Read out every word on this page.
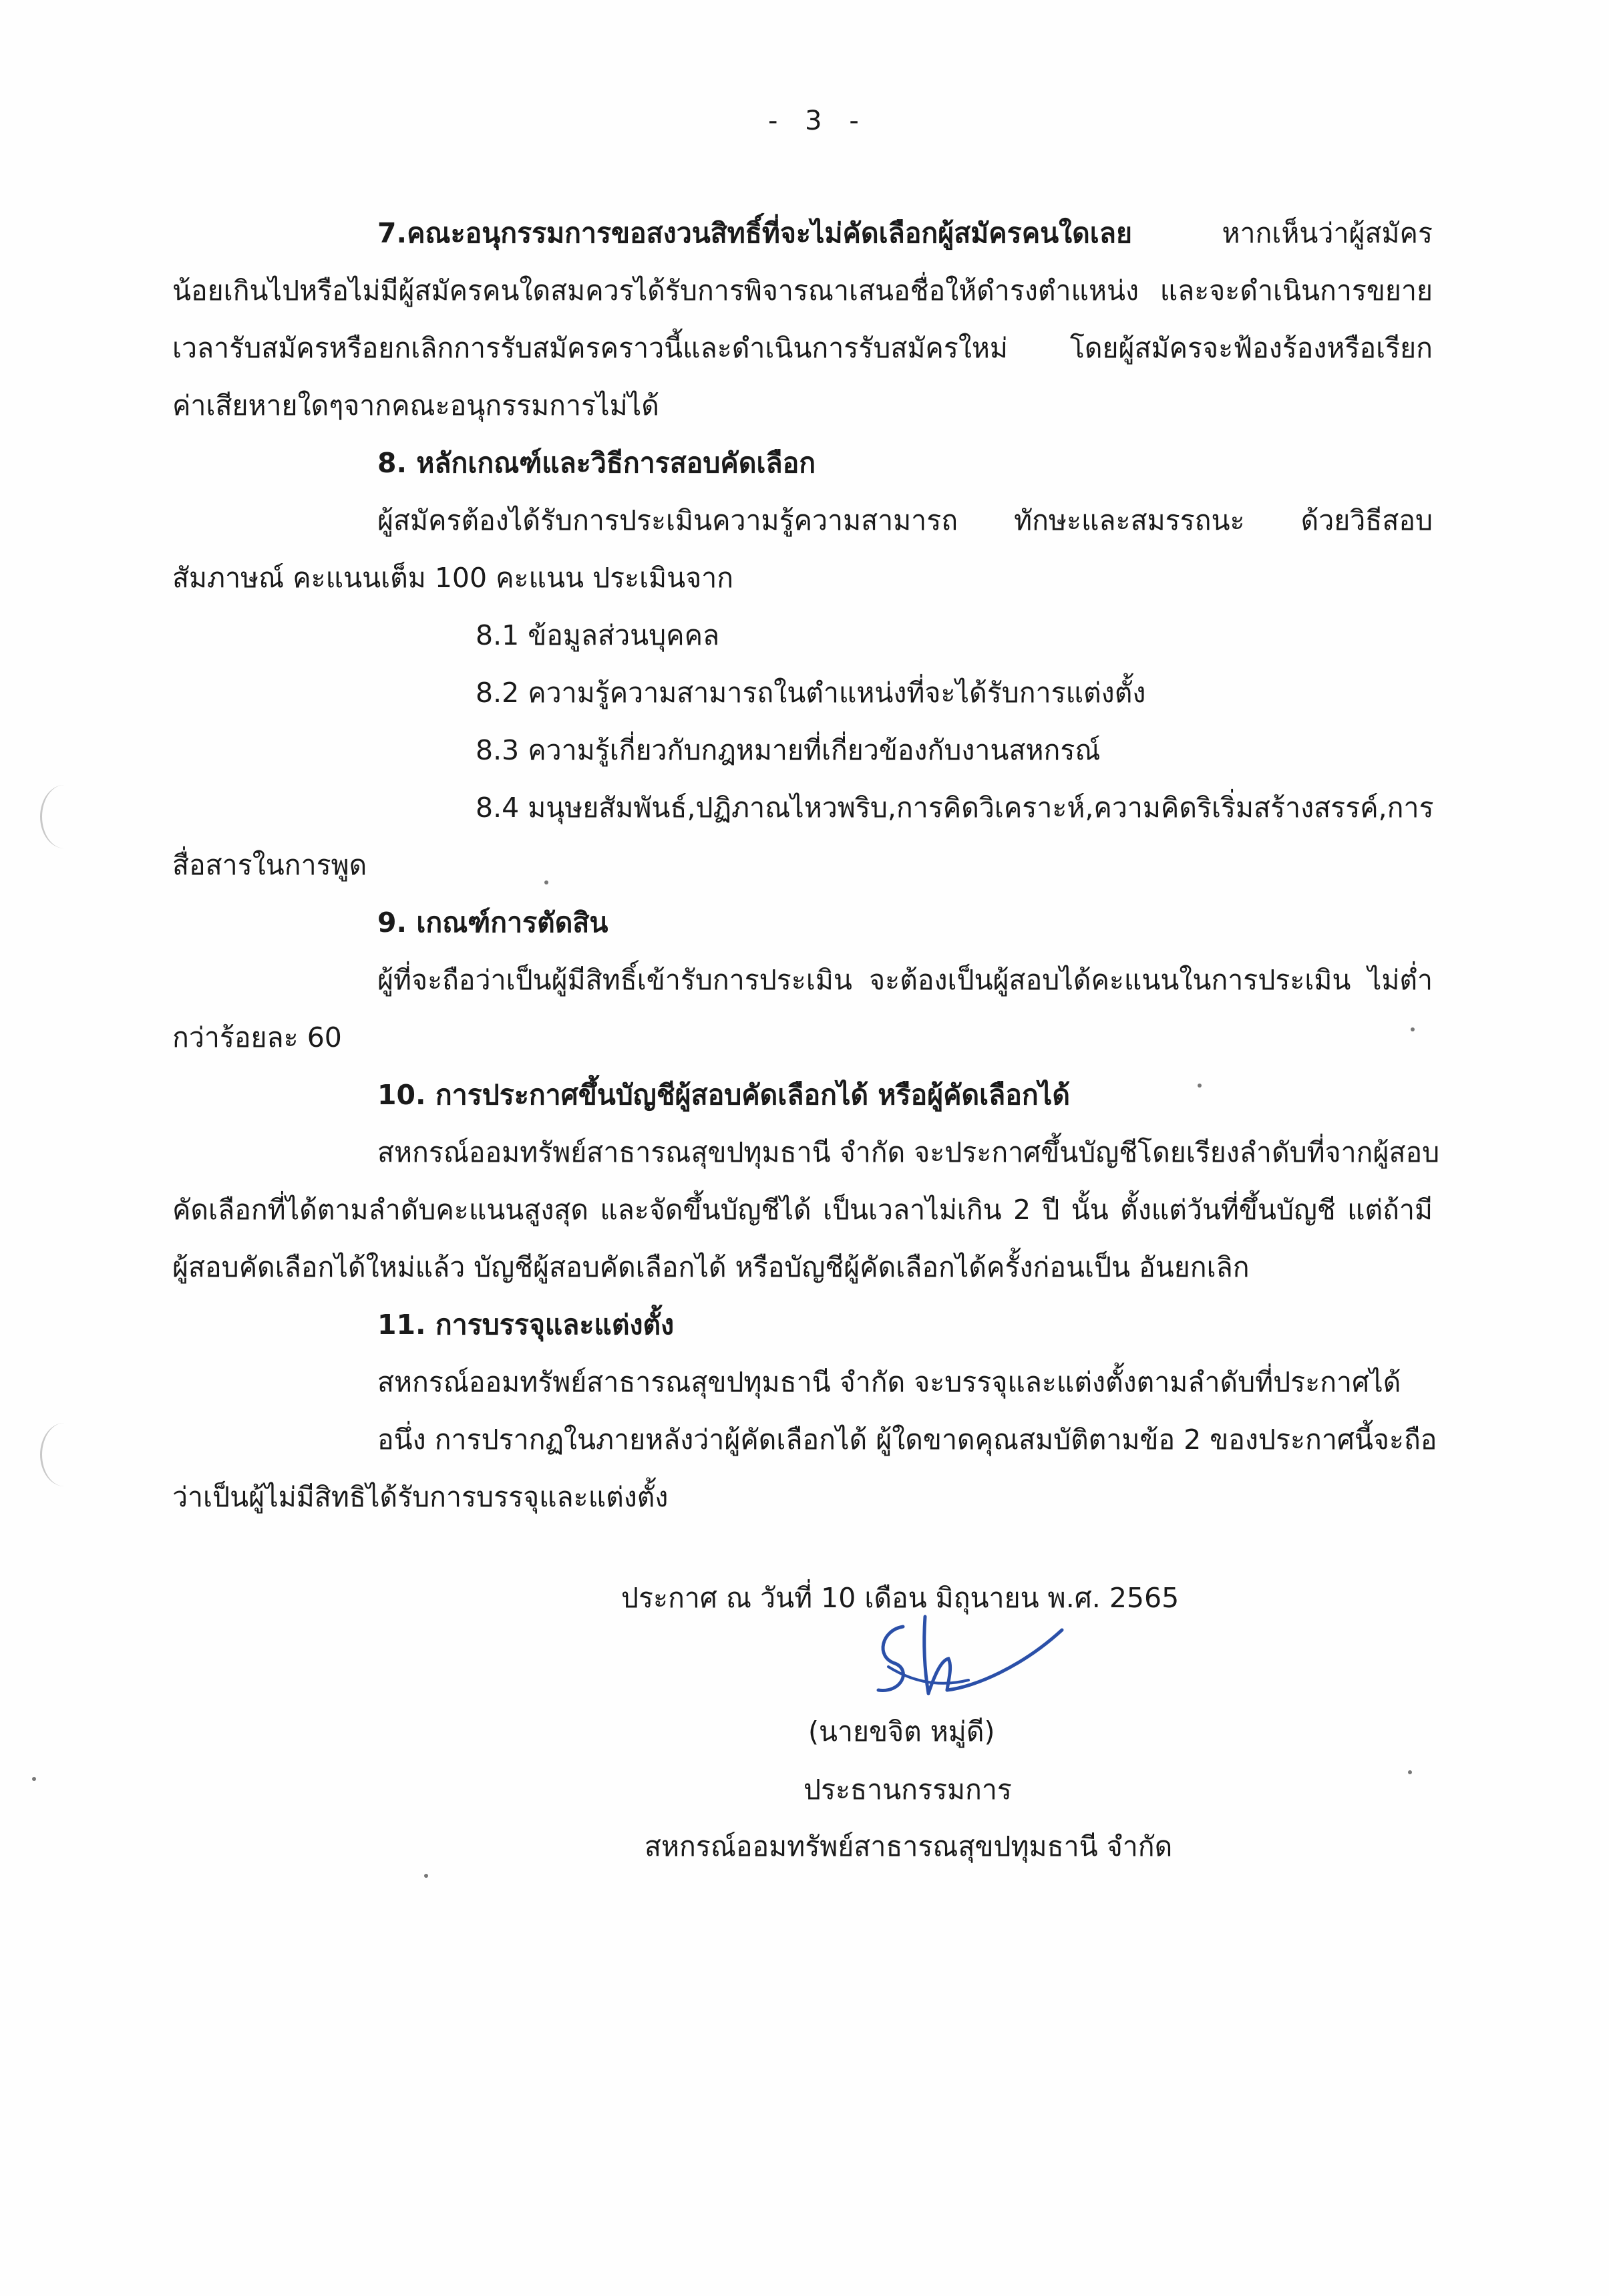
- 3 -
7.คณะอนุกรรมการขอสงวนสิทธิ์ที่จะไม่คัดเลือกผู้สมัครคนใดเลย	หากเห็นว่าผู้สมัคร
น้อยเกินไปหรือไม่มีผู้สมัครคนใดสมควรได้รับการพิจารณาเสนอชื่อให้ดำรงตำแหน่ง และจะดำเนินการขยาย
เวลารับสมัครหรือยกเลิกการรับสมัครคราวนี้และดำเนินการรับสมัครใหม่ โดยผู้สมัครจะฟ้องร้องหรือเรียก
ค่าเสียหายใดๆจากคณะอนุกรรมการไม่ได้
8. หลักเกณฑ์และวิธีการสอบคัดเลือก
ผู้สมัครต้องได้รับการประเมินความรู้ความสามารถ ทักษะและสมรรถนะ ด้วยวิธีสอบ
สัมภาษณ์ คะแนนเต็ม 100 คะแนน ประเมินจาก
8.1 ข้อมูลส่วนบุคคล
8.2 ความรู้ความสามารถในตำแหน่งที่จะได้รับการแต่งตั้ง
8.3 ความรู้เกี่ยวกับกฎหมายที่เกี่ยวข้องกับงานสหกรณ์
8.4 มนุษยสัมพันธ์,ปฏิภาณไหวพริบ,การคิดวิเคราะห์,ความคิดริเริ่มสร้างสรรค์,การ
สื่อสารในการพูด
9. เกณฑ์การตัดสิน
ผู้ที่จะถือว่าเป็นผู้มีสิทธิ์เข้ารับการประเมิน จะต้องเป็นผู้สอบได้คะแนนในการประเมิน ไม่ต่ำ
กว่าร้อยละ 60
10. การประกาศขึ้นบัญชีผู้สอบคัดเลือกได้ หรือผู้คัดเลือกได้
สหกรณ์ออมทรัพย์สาธารณสุขปทุมธานี จำกัด จะประกาศขึ้นบัญชีโดยเรียงลำดับที่จากผู้สอบ
คัดเลือกที่ได้ตามลำดับคะแนนสูงสุด และจัดขึ้นบัญชีได้ เป็นเวลาไม่เกิน 2 ปี นั้น ตั้งแต่วันที่ขึ้นบัญชี แต่ถ้ามี
ผู้สอบคัดเลือกได้ใหม่แล้ว บัญชีผู้สอบคัดเลือกได้ หรือบัญชีผู้คัดเลือกได้ครั้งก่อนเป็น อันยกเลิก
11. การบรรจุและแต่งตั้ง
สหกรณ์ออมทรัพย์สาธารณสุขปทุมธานี จำกัด จะบรรจุและแต่งตั้งตามลำดับที่ประกาศได้
อนึ่ง การปรากฏในภายหลังว่าผู้คัดเลือกได้ ผู้ใดขาดคุณสมบัติตามข้อ 2 ของประกาศนี้จะถือ
ว่าเป็นผู้ไม่มีสิทธิได้รับการบรรจุและแต่งตั้ง
ประกาศ ณ วันที่ 10 เดือน มิถุนายน พ.ศ. 2565
(นายขจิต หมู่ดี)
ประธานกรรมการ
สหกรณ์ออมทรัพย์สาธารณสุขปทุมธานี จำกัด
